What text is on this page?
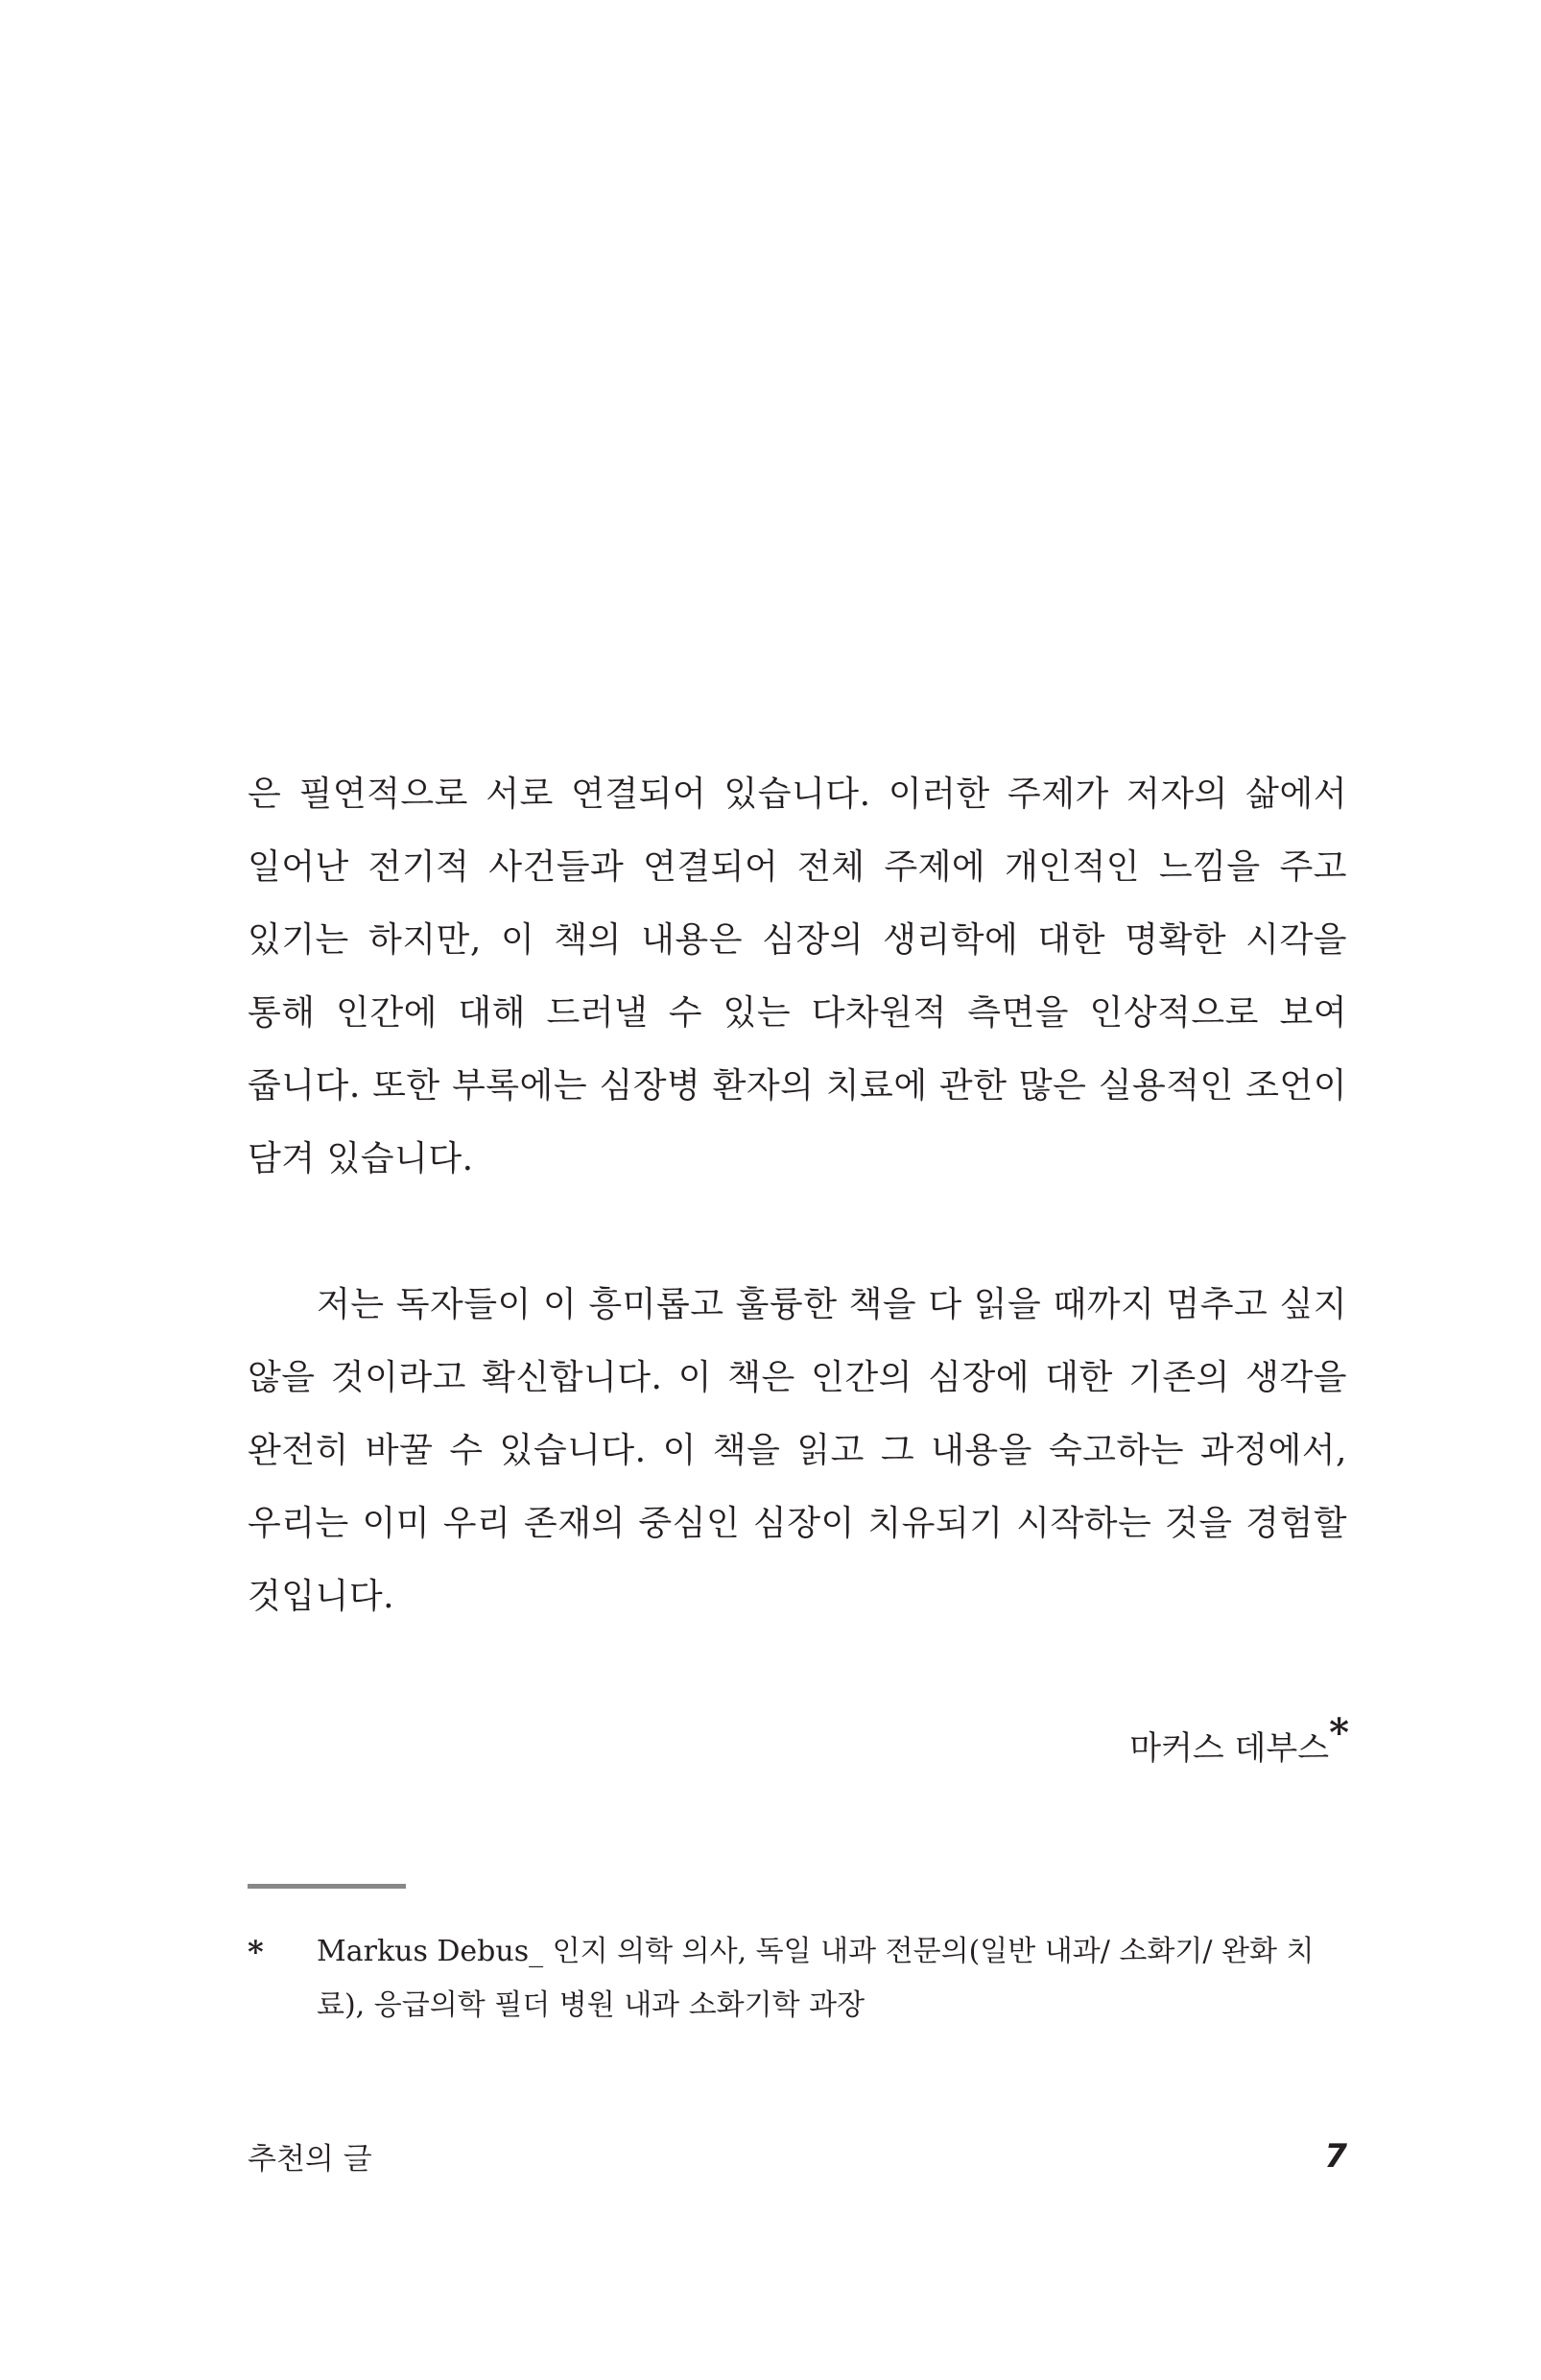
은 필연적으로 서로 연결되어 있습니다. 이러한 주제가 저자의 삶에서 일어난 전기적 사건들과 연결되어 전체 주제에 개인적인 느낌을 주고 있기는 하지만, 이 책의 내용은 심장의 생리학에 대한 명확한 시각을 통해 인간에 대해 드러낼 수 있는 다차원적 측면을 인상적으로 보여 줍니다. 또한 부록에는 심장병 환자의 치료에 관한 많은 실용적인 조언이 담겨 있습니다.

저는 독자들이 이 흥미롭고 훌륭한 책을 다 읽을 때까지 멈추고 싶지 않을 것이라고 확신합니다. 이 책은 인간의 심장에 대한 기존의 생각을 완전히 바꿀 수 있습니다. 이 책을 읽고 그 내용을 숙고하는 과정에서, 우리는 이미 우리 존재의 중심인 심장이 치유되기 시작하는 것을 경험할 것입니다.

마커스 데부스*

* Markus Debus_ 인지 의학 의사, 독일 내과 전문의(일반 내과/ 소화기/ 완화 치료), 응급의학 필더 병원 내과 소화기학 과장

추천의 글	7
